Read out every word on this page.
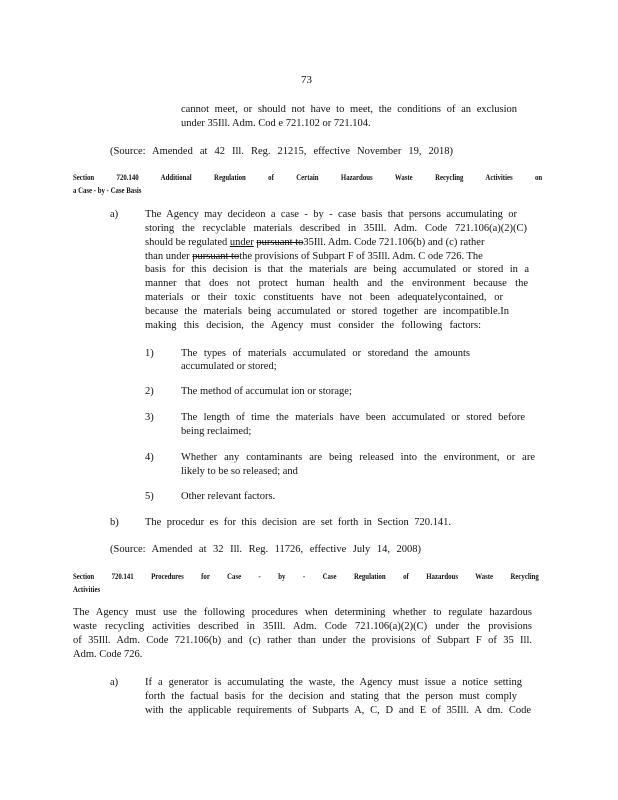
73
cannot meet, or should not have to meet, the conditions of an exclusion
under 35Ill. Adm. Cod e 721.102 or 721.104.
(Source: Amended at 42 Ill. Reg. 21215, effective November 19, 2018)
Section 720.140 Additional Regulation of Certain Hazardous Waste Recycling Activities on
a Case - by - Case Basis
a)	The Agency may decideon a case - by - case basis that persons accumulating or
storing the recyclable materials described in 35Ill. Adm. Code 721.106(a)(2)(C)
should be regulated under pursuant to35Ill. Adm. Code 721.106(b) and (c) rather
than under pursuant tothe provisions of Subpart F of 35Ill. Adm. C ode 726. The
basis for this decision is that the materials are being accumulated or stored in a
manner that does not protect human health and the environment because the
materials or their toxic constituents have not been adequatelycontained, or
because the materials being accumulated or stored together are incompatible.In
making this decision, the Agency must consider the following factors:
1)	The types of materials accumulated or storedand the amounts
accumulated or stored;
2)	The method of accumulat ion or storage;
3)	The length of time the materials have been accumulated or stored before
being reclaimed;
4)	Whether any contaminants are being released into the environment, or are
likely to be so released; and
5)	Other relevant factors.
b)	The procedur es for this decision are set forth in Section 720.141.
(Source: Amended at 32 Ill. Reg. 11726, effective July 14, 2008)
Section 720.141 Procedures for Case - by - Case Regulation of Hazardous Waste Recycling
Activities
The Agency must use the following procedures when determining whether to regulate hazardous
waste recycling activities described in 35Ill. Adm. Code 721.106(a)(2)(C) under the provisions
of 35Ill. Adm. Code 721.106(b) and (c) rather than under the provisions of Subpart F of 35 Ill.
Adm. Code 726.
a)	If a generator is accumulating the waste, the Agency must issue a notice setting
forth the factual basis for the decision and stating that the person must comply
with the applicable requirements of Subparts A, C, D and E of 35Ill. A dm. Code
